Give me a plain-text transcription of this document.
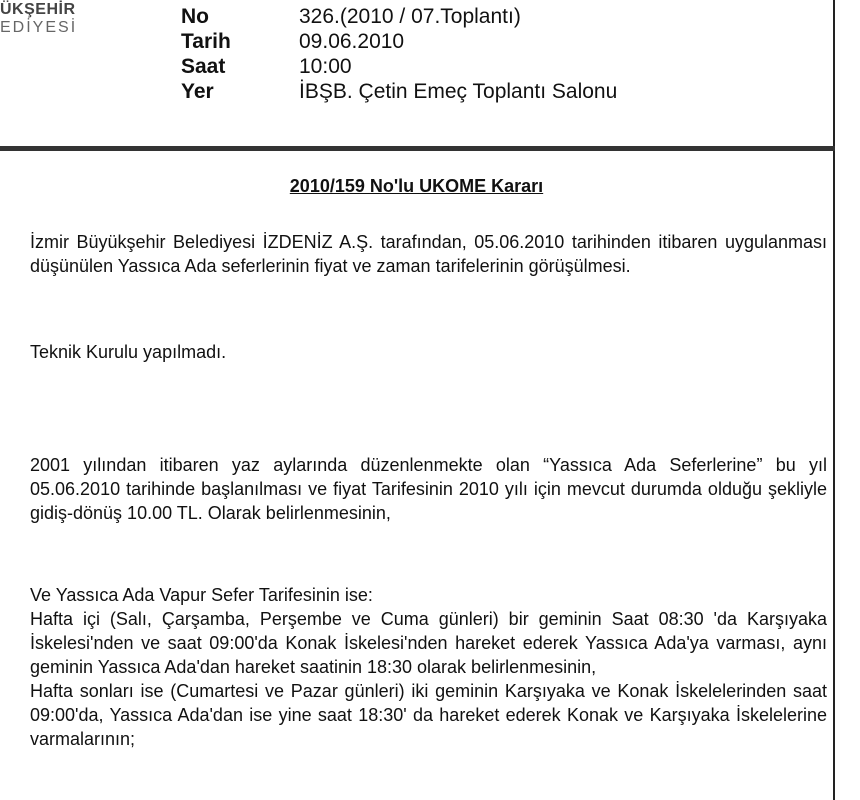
ÜKŞEHİR
EDİYESİ	No	326.(2010 / 07.Toplantı)
Tarih	09.06.2010
Saat	10:00
Yer	İBŞB. Çetin Emeç Toplantı Salonu
2010/159 No'lu UKOME Kararı

İzmir Büyükşehir Belediyesi İZDENİZ A.Ş. tarafından, 05.06.2010 tarihinden itibaren uygulanması düşünülen Yassıca Ada seferlerinin fiyat ve zaman tarifelerinin görüşülmesi.

Teknik Kurulu yapılmadı.

2001 yılından itibaren yaz aylarında düzenlenmekte olan “Yassıca Ada Seferlerine” bu yıl 05.06.2010 tarihinde başlanılması ve fiyat Tarifesinin 2010 yılı için mevcut durumda olduğu şekliyle gidiş-dönüş 10.00 TL. Olarak belirlenmesinin,

Ve Yassıca Ada Vapur Sefer Tarifesinin ise:

Hafta içi (Salı, Çarşamba, Perşembe ve Cuma günleri) bir geminin Saat 08:30 'da Karşıyaka İskelesi'nden ve saat 09:00'da Konak İskelesi'nden hareket ederek Yassıca Ada'ya varması, aynı geminin Yassıca Ada'dan hareket saatinin 18:30 olarak belirlenmesinin,

Hafta sonları ise (Cumartesi ve Pazar günleri) iki geminin Karşıyaka ve Konak İskelelerinden saat 09:00'da, Yassıca Ada'dan ise yine saat 18:30' da hareket ederek Konak ve Karşıyaka İskelelerine varmalarının;
